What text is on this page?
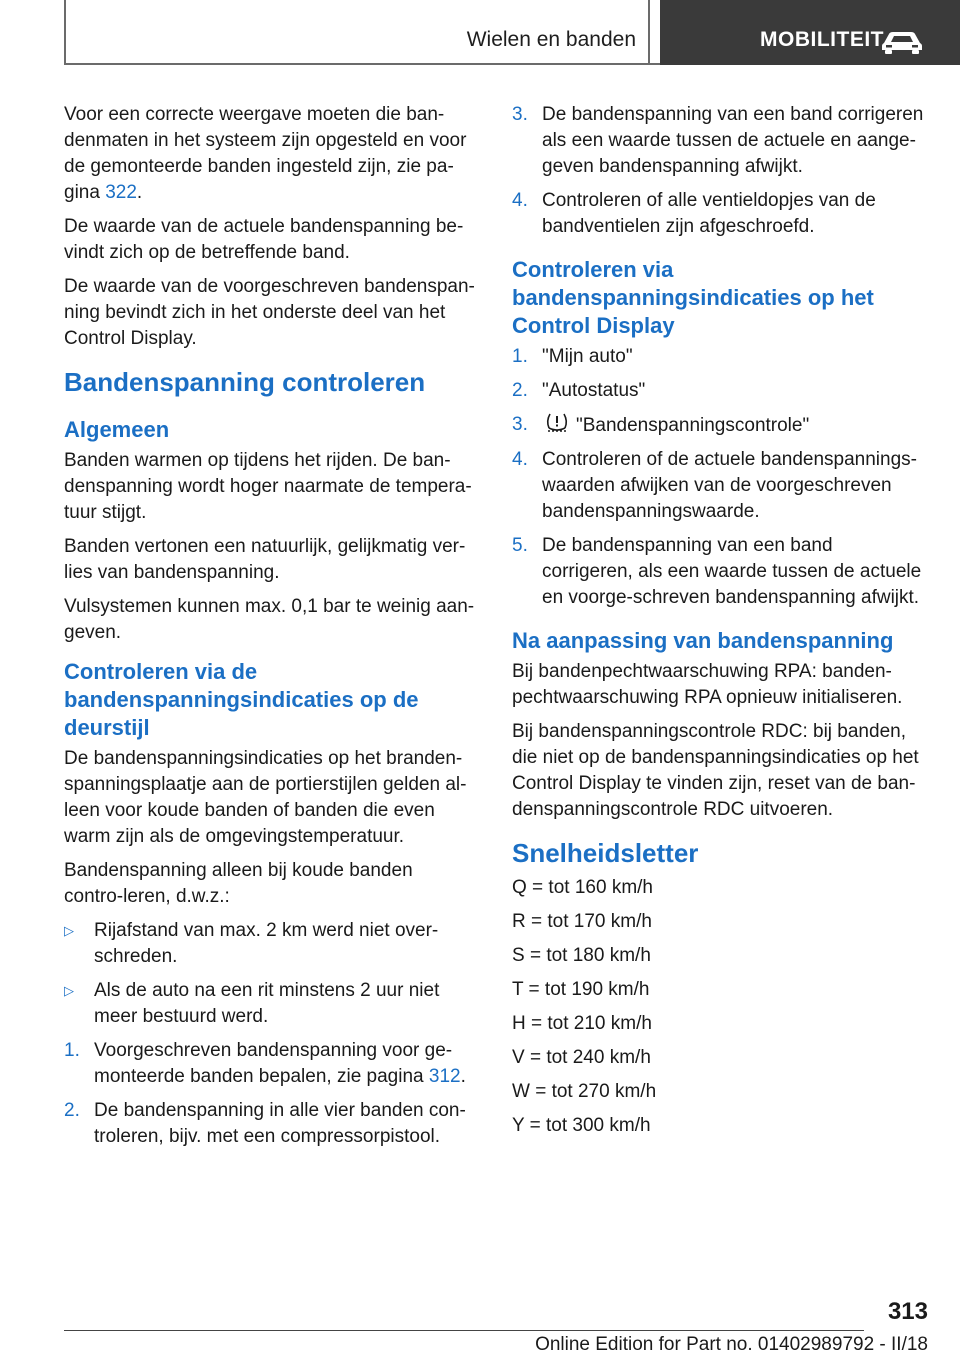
Wielen en banden	MOBILITEIT

Voor een correcte weergave moeten die ban‐denmaten in het systeem zijn opgesteld en voor de gemonteerde banden ingesteld zijn, zie pa‐gina 322.

De waarde van de actuele bandenspanning be‐vindt zich op de betreffende band.

De waarde van de voorgeschreven bandenspan‐ning bevindt zich in het onderste deel van het Control Display.

Bandenspanning controleren
Algemeen

Banden warmen op tijdens het rijden. De ban‐denspanning wordt hoger naarmate de tempera‐tuur stijgt.

Banden vertonen een natuurlijk, gelijkmatig ver‐lies van bandenspanning.

Vulsystemen kunnen max. 0,1 bar te weinig aan‐geven.

Controleren via de bandenspanningsindicaties op de deurstijl

De bandenspanningsindicaties op het branden‐spanningsplaatje aan de portierstijlen gelden al‐leen voor koude banden of banden die even warm zijn als de omgevingstemperatuur.

Bandenspanning alleen bij koude banden contro‐leren, d.w.z.:

▷ Rijafstand van max. 2 km werd niet over‐schreden.
▷ Als de auto na een rit minstens 2 uur niet meer bestuurd werd.
1. Voorgeschreven bandenspanning voor ge‐monteerde banden bepalen, zie pagina 312.
2. De bandenspanning in alle vier banden con‐troleren, bijv. met een compressorpistool.
3. De bandenspanning van een band corrigeren als een waarde tussen de actuele en aange‐geven bandenspanning afwijkt.
4. Controleren of alle ventieldopjes van de bandventielen zijn afgeschroefd.
Controleren via bandenspanningsindicaties op het Control Display
1. "Mijn auto"
2. "Autostatus"
3.	"Bandenspanningscontrole"
4. Controleren of de actuele bandenspannings‐waarden afwijken van de voorgeschreven bandenspanningswaarde.
5. De bandenspanning van een band corrigeren, als een waarde tussen de actuele en voorge‐schreven bandenspanning afwijkt.
Na aanpassing van bandenspanning

Bij bandenpechtwaarschuwing RPA: banden‐pechtwaarschuwing RPA opnieuw initialiseren.

Bij bandenspanningscontrole RDC: bij banden, die niet op de bandenspanningsindicaties op het Control Display te vinden zijn, reset van de ban‐denspanningscontrole RDC uitvoeren.

Snelheidsletter

Q = tot 160 km/h

R = tot 170 km/h

S = tot 180 km/h

T = tot 190 km/h

H = tot 210 km/h

V = tot 240 km/h

W = tot 270 km/h

Y = tot 300 km/h

313
Online Edition for Part no. 01402989792 - II/18
